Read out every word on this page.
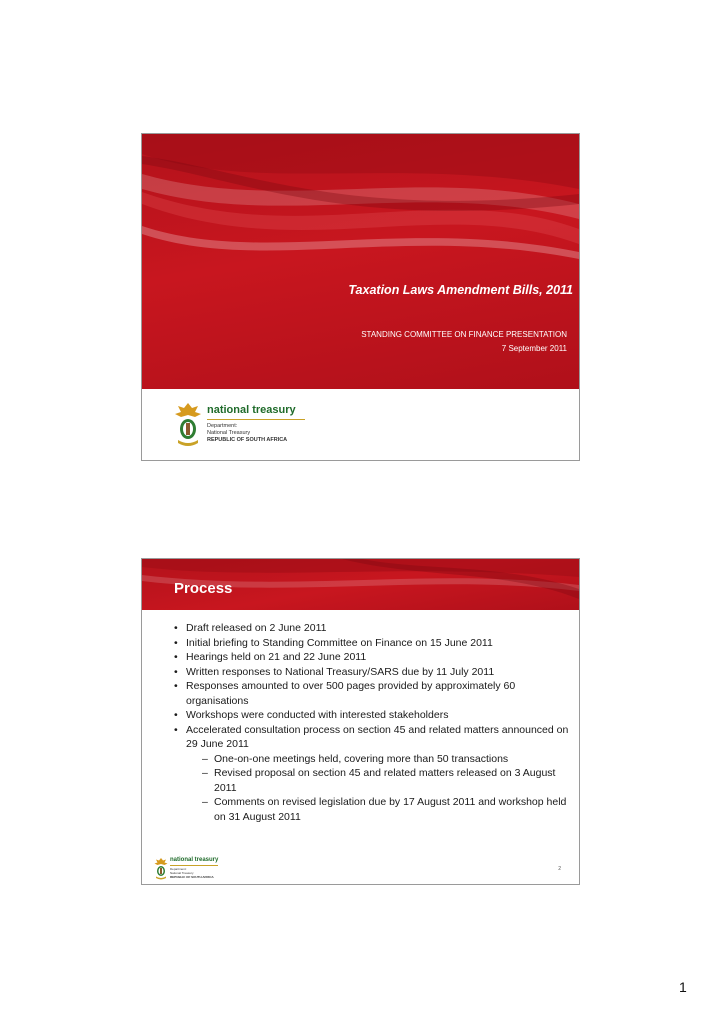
Taxation Laws Amendment Bills, 2011
STANDING COMMITTEE ON FINANCE PRESENTATION
7 September 2011
national treasury
Department:
National Treasury
REPUBLIC OF SOUTH AFRICA
Process
• Draft released on 2 June 2011
• Initial briefing to Standing Committee on Finance on 15 June 2011
• Hearings held on 21 and 22 June 2011
• Written responses to National Treasury/SARS due by 11 July 2011
• Responses amounted to over 500 pages provided by approximately 60 organisations
• Workshops were conducted with interested stakeholders
• Accelerated consultation process on section 45 and related matters announced on 29 June 2011
– One-on-one meetings held, covering more than 50 transactions
– Revised proposal on section 45 and related matters released on 3 August 2011
– Comments on revised legislation due by 17 August 2011 and workshop held on 31 August 2011
national treasury
Department:
National Treasury
REPUBLIC OF SOUTH AFRICA
2
1
